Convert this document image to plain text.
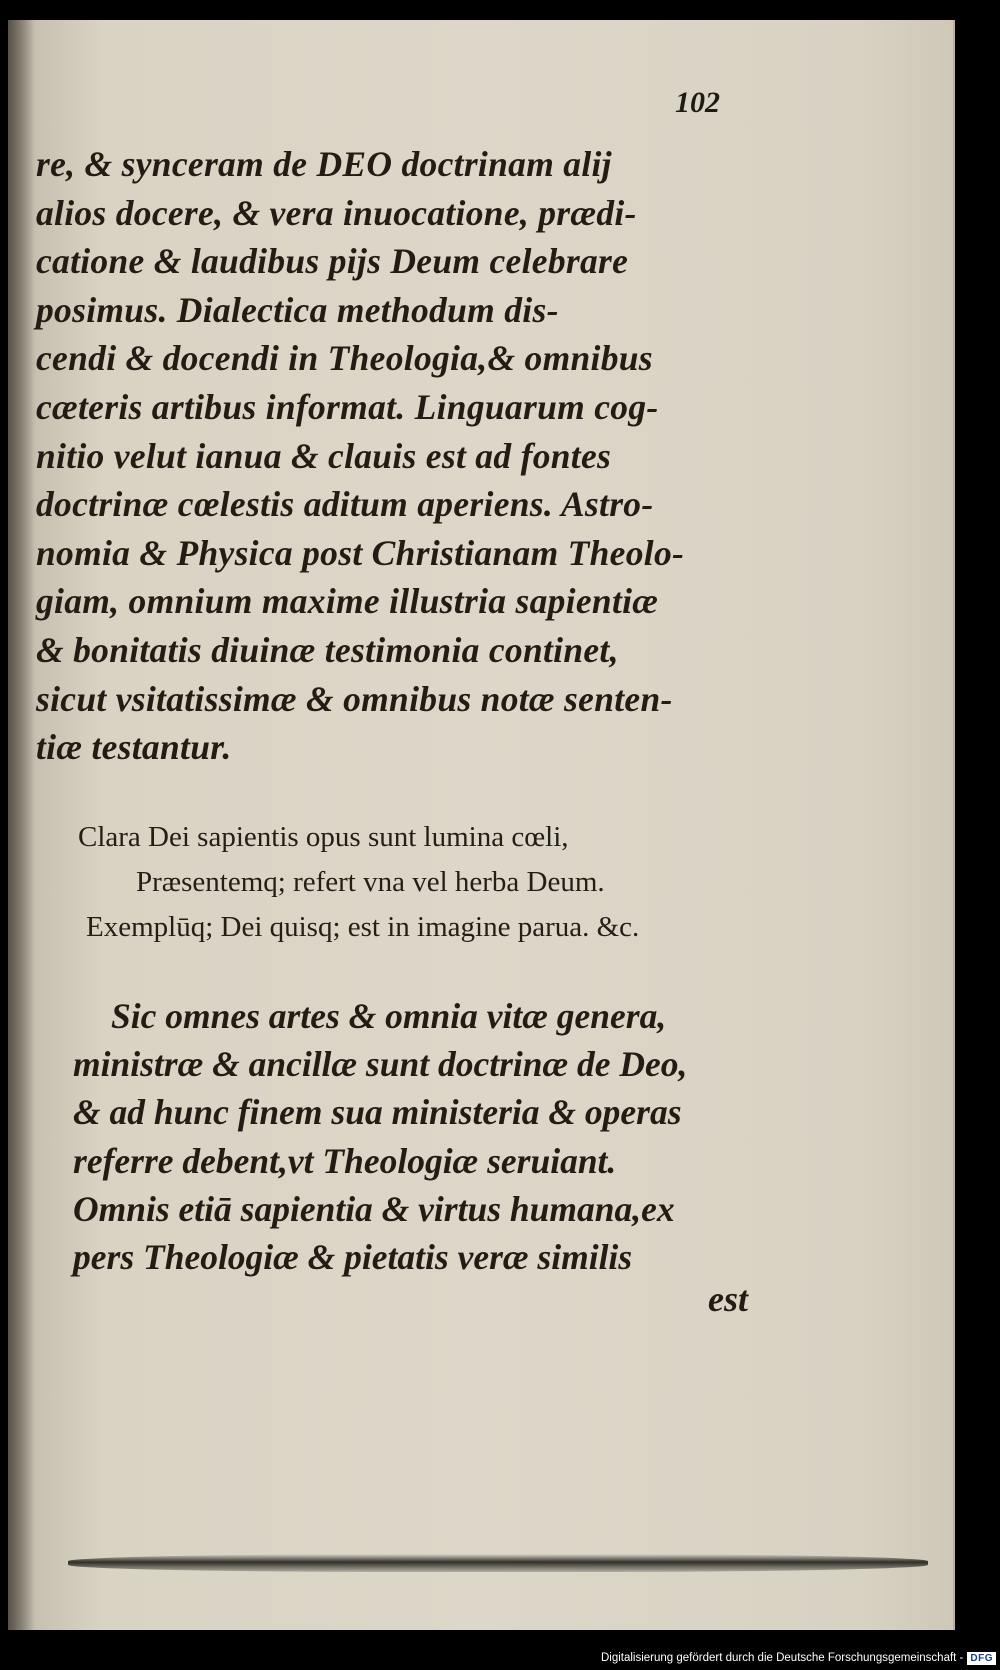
102
re, & synceram de DEO doctrinam alij
alios docere, & vera inuocatione, prædi-
catione & laudibus pijs Deum celebrare
posimus. Dialectica methodum dis-
cendi & docendi in Theologia,& omnibus
cæteris artibus informat. Linguarum cog-
nitio velut ianua & clauis est ad fontes
doctrinæ cœlestis aditum aperiens. Astro-
nomia & Physica post Christianam Theolo-
giam, omnium maxime illustria sapientiæ
& bonitatis diuinæ testimonia continet,
sicut vsitatissimæ & omnibus notæ senten-
tiæ testantur.
Clara Dei sapientis opus sunt lumina cœli,
Præsentemq; refert vna vel herba Deum.
Exemplūq; Dei quisq; est in imagine parua. &c.
Sic omnes artes & omnia vitæ genera,
ministræ & ancillæ sunt doctrinæ de Deo,
& ad hunc finem sua ministeria & operas
referre debent,vt Theologiæ seruiant.
Omnis etiā sapientia & virtus humana,ex
pers Theologiæ & pietatis veræ similis
est
Digitalisierung gefördert durch die Deutsche Forschungsgemeinschaft - DFG
